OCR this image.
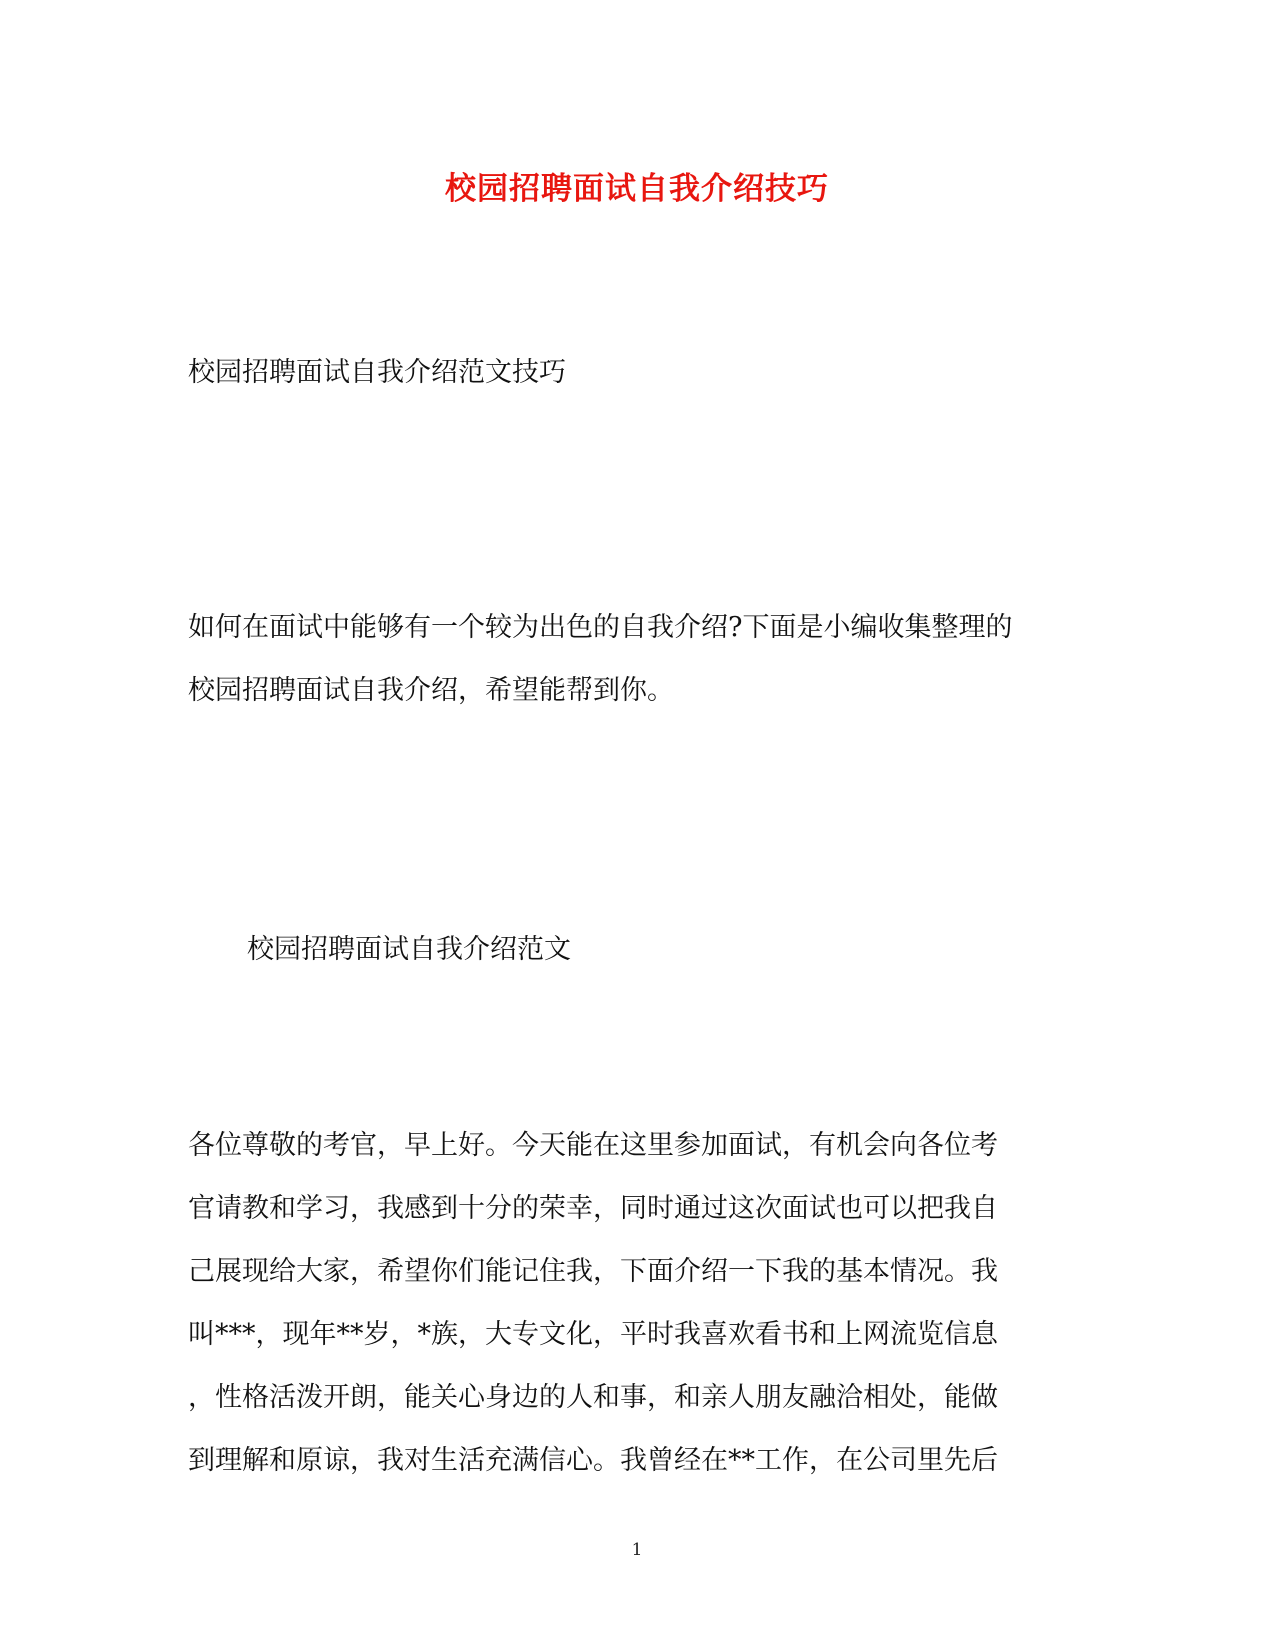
校园招聘面试自我介绍技巧

校园招聘面试自我介绍范文技巧

如何在面试中能够有一个较为出色的自我介绍?下面是小编收集整理的
校园招聘面试自我介绍，希望能帮到你。

校园招聘面试自我介绍范文

各位尊敬的考官，早上好。今天能在这里参加面试，有机会向各位考
官请教和学习，我感到十分的荣幸，同时通过这次面试也可以把我自
己展现给大家，希望你们能记住我，下面介绍一下我的基本情况。我
叫***，现年**岁，*族，大专文化，平时我喜欢看书和上网流览信息
，性格活泼开朗，能关心身边的人和事，和亲人朋友融洽相处，能做
到理解和原谅，我对生活充满信心。我曾经在**工作，在公司里先后

1
